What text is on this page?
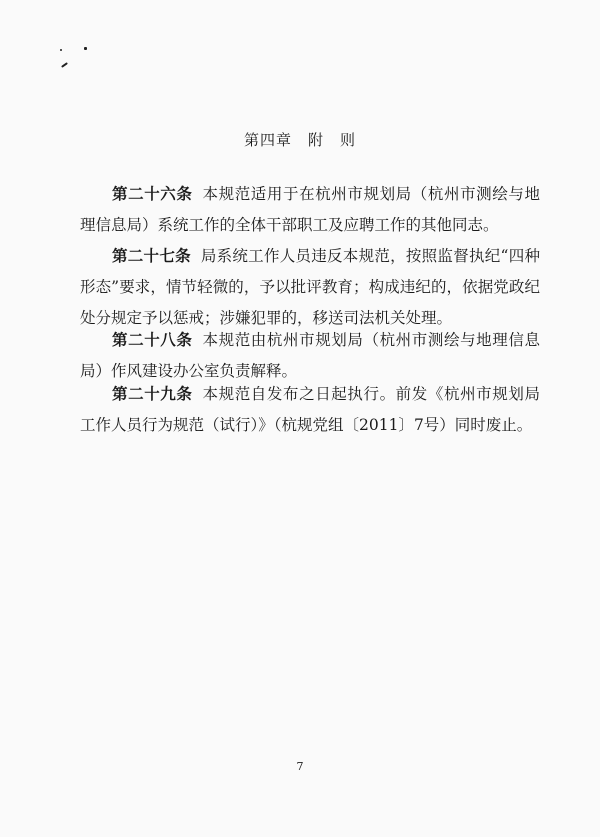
第四章　附　则

第二十六条 本规范适用于在杭州市规划局（杭州市测绘与地理信息局）系统工作的全体干部职工及应聘工作的其他同志。

第二十七条 局系统工作人员违反本规范，按照监督执纪“四种形态”要求，情节轻微的，予以批评教育；构成违纪的，依据党政纪处分规定予以惩戒；涉嫌犯罪的，移送司法机关处理。

第二十八条 本规范由杭州市规划局（杭州市测绘与地理信息局）作风建设办公室负责解释。

第二十九条 本规范自发布之日起执行。前发《杭州市规划局工作人员行为规范（试行）》（杭规党组〔2011〕7号）同时废止。

7
